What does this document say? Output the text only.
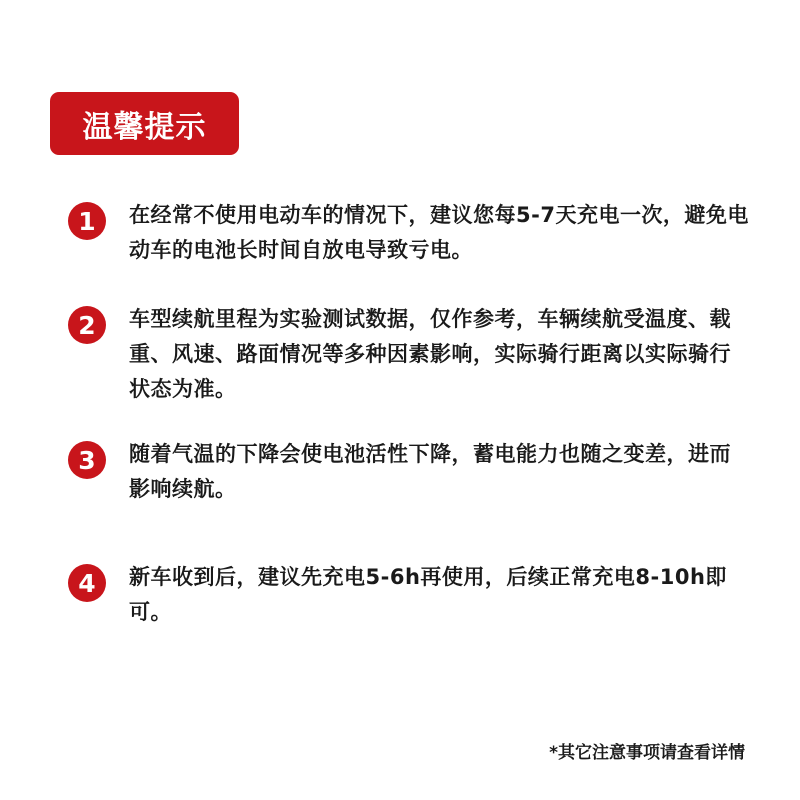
温馨提示
1	在经常不使用电动车的情况下，建议您每5-7天充电一次，避免电动车的电池长时间自放电导致亏电。
2	车型续航里程为实验测试数据，仅作参考，车辆续航受温度、载重、风速、路面情况等多种因素影响，实际骑行距离以实际骑行状态为准。
3	随着气温的下降会使电池活性下降，蓄电能力也随之变差，进而影响续航。
4	新车收到后，建议先充电5-6h再使用，后续正常充电8-10h即可。
*其它注意事项请查看详情
